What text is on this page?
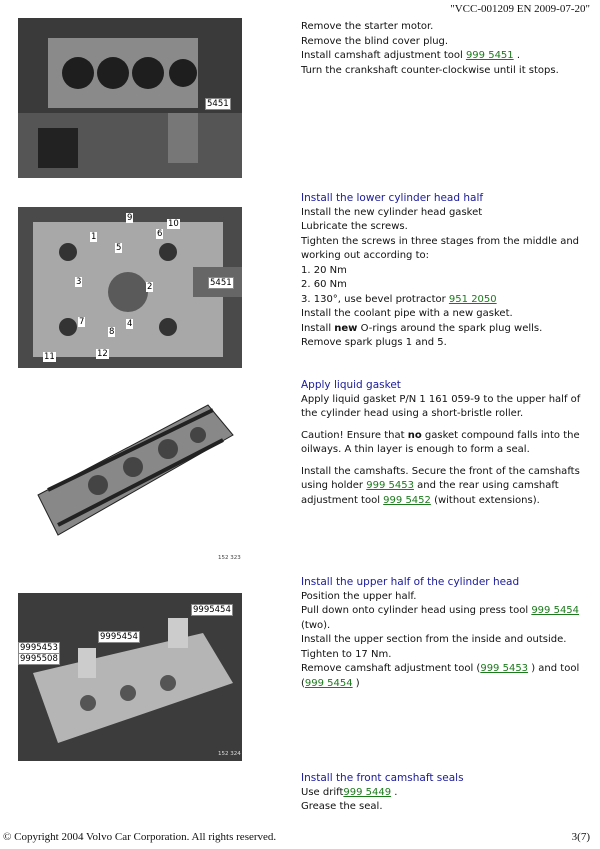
"VCC-001209 EN 2009-07-20"
5451
9
10
6
1
5
3	2
7
8
4
11	12
5451
152 323
9995454
9995454
9995453
9995508
152 324

Remove the starter motor.

Remove the blind cover plug.

Install camshaft adjustment tool 999 5451 .

Turn the crankshaft counter-clockwise until it stops.

Install the lower cylinder head half

Install the new cylinder head gasket

Lubricate the screws.

Tighten the screws in three stages from the middle and working out according to:

1. 20 Nm

2. 60 Nm

3. 130°, use bevel protractor 951 2050

Install the coolant pipe with a new gasket.

Install new O-rings around the spark plug wells.

Remove spark plugs 1 and 5.

Apply liquid gasket

Apply liquid gasket P/N 1 161 059-9 to the upper half of the cylinder head using a short-bristle roller.

Caution! Ensure that no gasket compound falls into the oilways. A thin layer is enough to form a seal.

Install the camshafts. Secure the front of the camshafts using holder 999 5453 and the rear using camshaft adjustment tool 999 5452 (without extensions).

Install the upper half of the cylinder head

Position the upper half.

Pull down onto cylinder head using press tool 999 5454 (two).

Install the upper section from the inside and outside.

Tighten to 17 Nm.

Remove camshaft adjustment tool (999 5453 ) and tool (999 5454 )

Install the front camshaft seals

Use drift999 5449 .

Grease the seal.

© Copyright 2004 Volvo Car Corporation. All rights reserved.	3(7)
